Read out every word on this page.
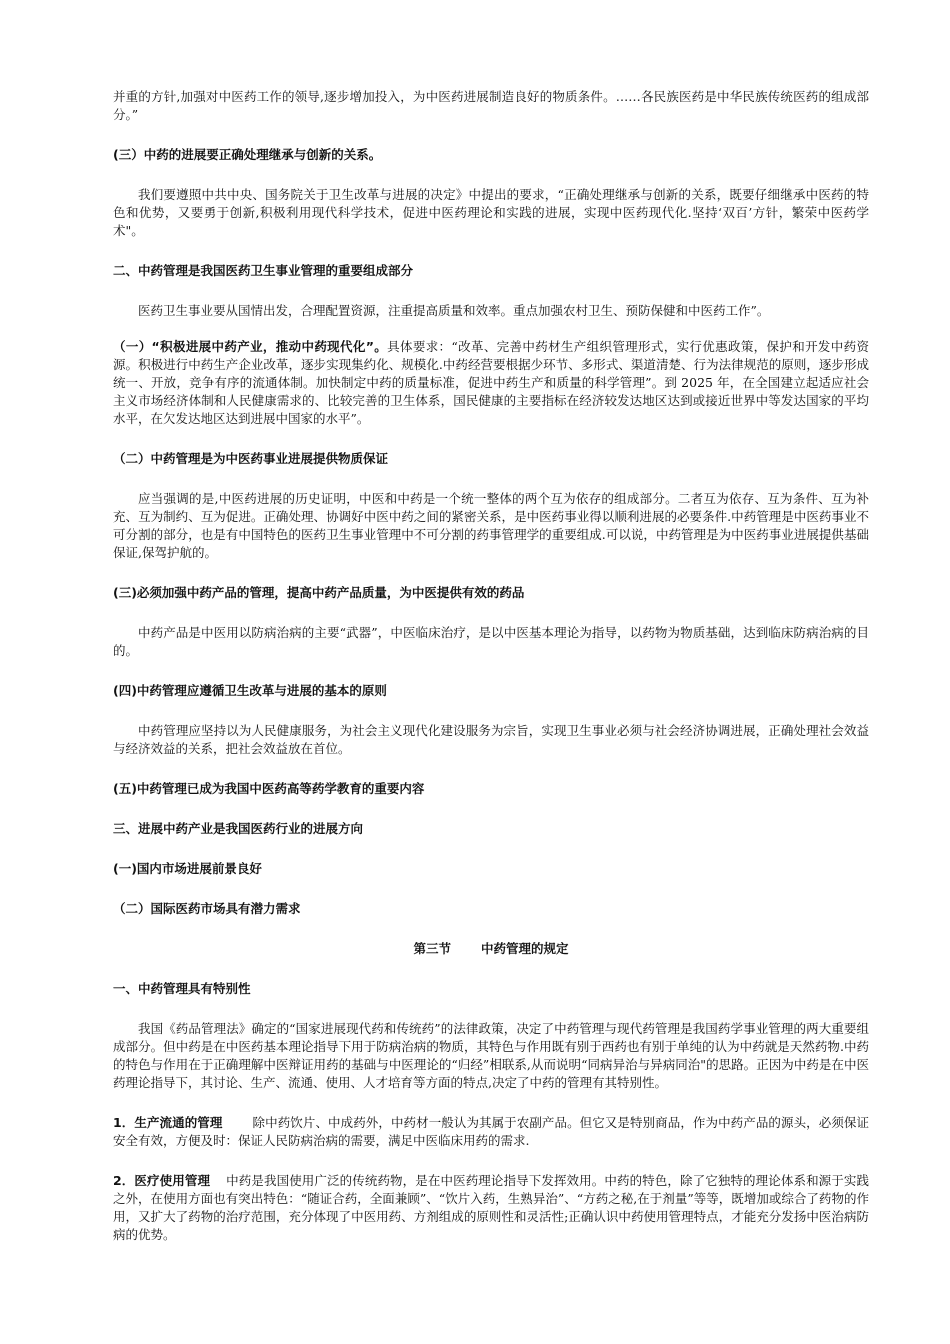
并重的方针,加强对中医药工作的领导,逐步增加投入，为中医药进展制造良好的物质条件。……各民族医药是中华民族传统医药的组成部分。”

(三）中药的进展要正确处理继承与创新的关系。

我们要遵照中共中央、国务院关于卫生改革与进展的决定》中提出的要求，“正确处理继承与创新的关系，既要仔细继承中医药的特色和优势，又要勇于创新,积极利用现代科学技术，促进中医药理论和实践的进展，实现中医药现代化.坚持‘双百’方针，繁荣中医药学术"。

二、中药管理是我国医药卫生事业管理的重要组成部分

医药卫生事业要从国情出发，合理配置资源，注重提高质量和效率。重点加强农村卫生、预防保健和中医药工作”。

（一）“积极进展中药产业，推动中药现代化”。具体要求：“改革、完善中药材生产组织管理形式，实行优惠政策，保护和开发中药资源。积极进行中药生产企业改革，逐步实现集约化、规模化.中药经营要根据少环节、多形式、渠道清楚、行为法律规范的原则，逐步形成统一、开放，竞争有序的流通体制。加快制定中药的质量标准，促进中药生产和质量的科学管理”。到 2025 年，在全国建立起适应社会主义市场经济体制和人民健康需求的、比较完善的卫生体系，国民健康的主要指标在经济较发达地区达到或接近世界中等发达国家的平均水平，在欠发达地区达到进展中国家的水平”。

（二）中药管理是为中医药事业进展提供物质保证

应当强调的是,中医药进展的历史证明，中医和中药是一个统一整体的两个互为依存的组成部分。二者互为依存、互为条件、互为补充、互为制约、互为促进。正确处理、协调好中医中药之间的紧密关系，是中医药事业得以顺利进展的必要条件.中药管理是中医药事业不可分割的部分，也是有中国特色的医药卫生事业管理中不可分割的药事管理学的重要组成.可以说，中药管理是为中医药事业进展提供基础保证,保驾护航的。

(三)必须加强中药产品的管理，提高中药产品质量，为中医提供有效的药品

中药产品是中医用以防病治病的主要“武器”，中医临床治疗，是以中医基本理论为指导，以药物为物质基础，达到临床防病治病的目的。

(四)中药管理应遵循卫生改革与进展的基本的原则

中药管理应坚持以为人民健康服务，为社会主义现代化建设服务为宗旨，实现卫生事业必须与社会经济协调进展，正确处理社会效益与经济效益的关系，把社会效益放在首位。

(五)中药管理已成为我国中医药高等药学教育的重要内容

三、进展中药产业是我国医药行业的进展方向

(一)国内市场进展前景良好

（二）国际医药市场具有潜力需求

第三节 中药管理的规定

一、中药管理具有特别性

我国《药品管理法》确定的“国家进展现代药和传统药”的法律政策，决定了中药管理与现代药管理是我国药学事业管理的两大重要组成部分。但中药是在中医药基本理论指导下用于防病治病的物质，其特色与作用既有别于西药也有别于单纯的认为中药就是天然药物.中药的特色与作用在于正确理解中医辩证用药的基础与中医理论的“归经”相联系,从而说明“同病异治与异病同治"的思路。正因为中药是在中医药理论指导下，其讨论、生产、流通、使用、人才培育等方面的特点,决定了中药的管理有其特别性。

1．生产流通的管理 除中药饮片、中成药外，中药材一般认为其属于农副产品。但它又是特别商品，作为中药产品的源头，必须保证安全有效，方便及时：保证人民防病治病的需要，满足中医临床用药的需求.

2．医疗使用管理 中药是我国使用广泛的传统药物，是在中医药理论指导下发挥效用。中药的特色，除了它独特的理论体系和源于实践之外，在使用方面也有突出特色：“随证合药，全面兼顾”、“饮片入药，生熟异治”、“方药之秘,在于剂量”等等，既增加或综合了药物的作用，又扩大了药物的治疗范围，充分体现了中医用药、方剂组成的原则性和灵活性;正确认识中药使用管理特点，才能充分发扬中医治病防病的优势。
